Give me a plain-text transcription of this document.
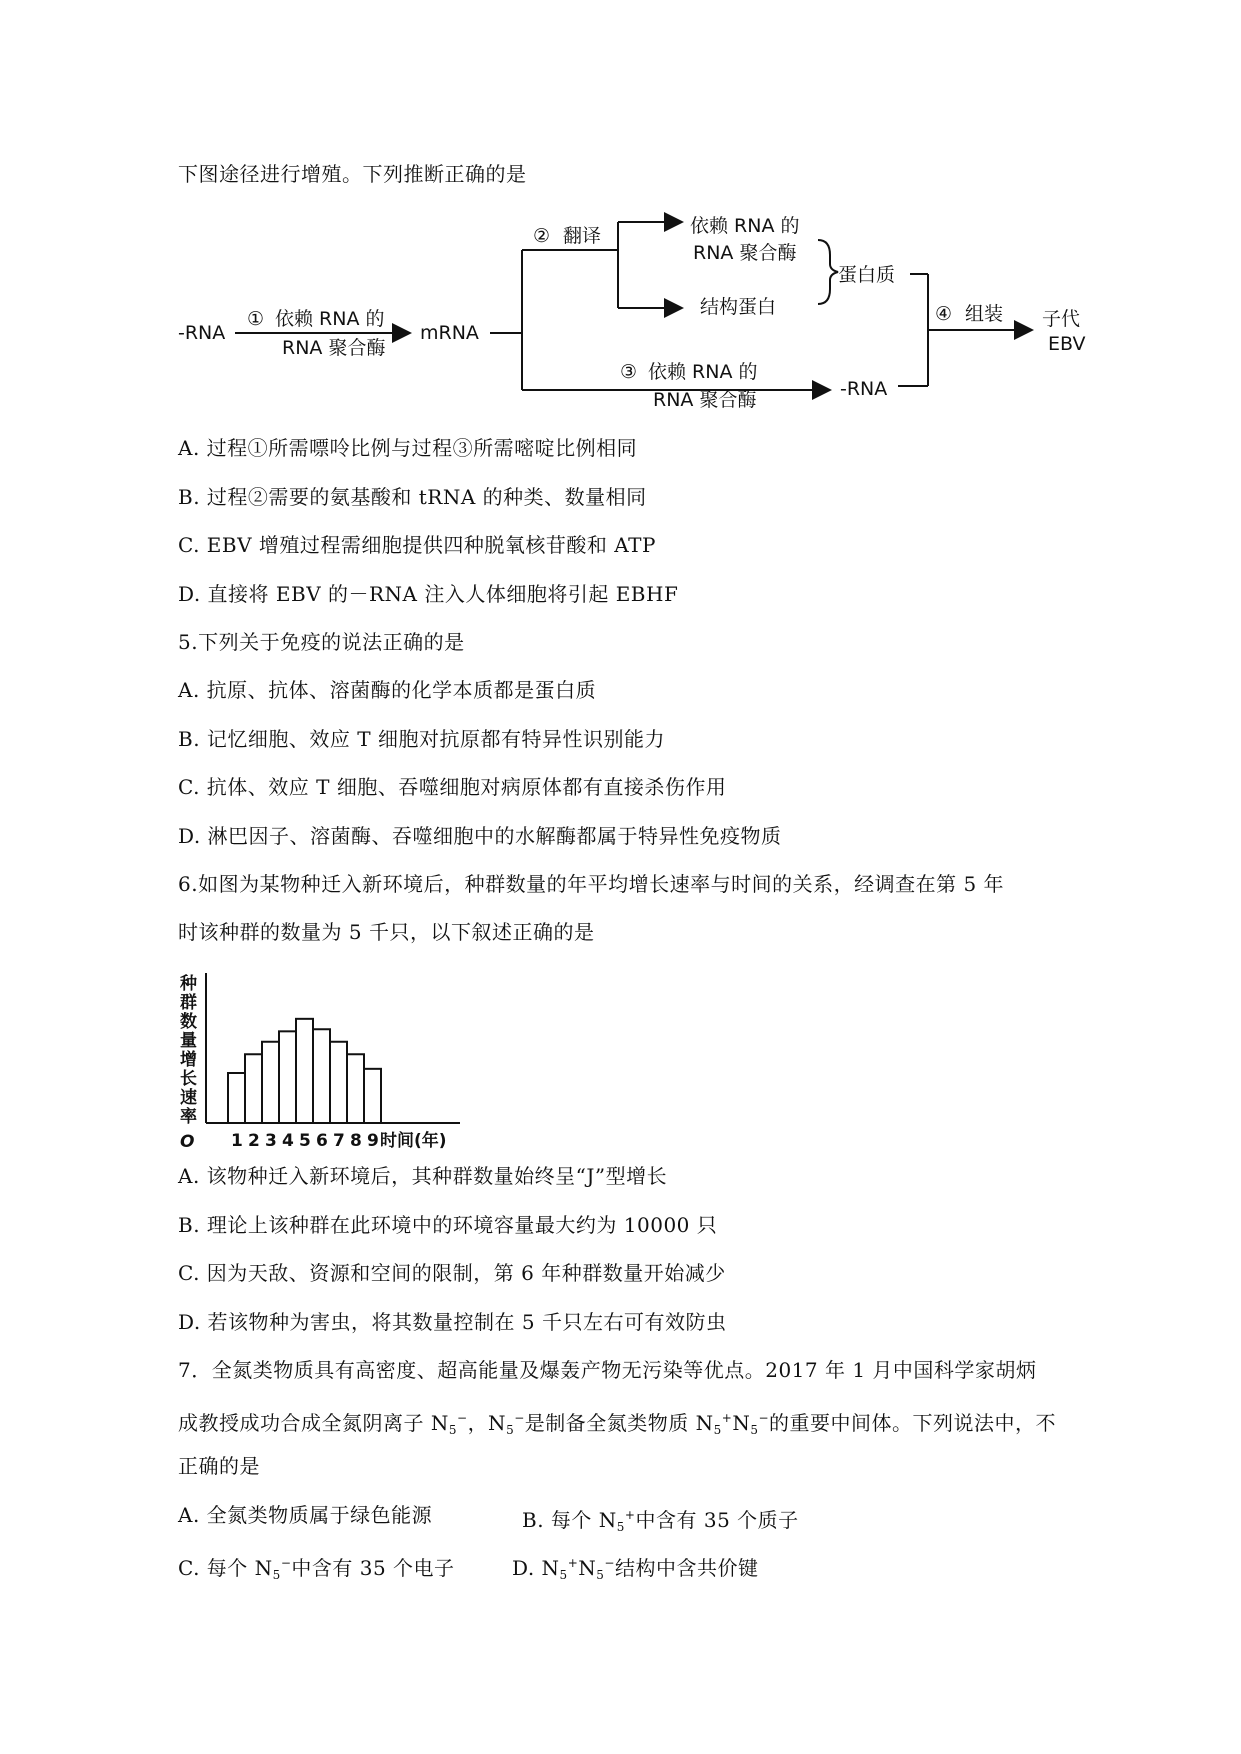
下图途径进行增殖。下列推断正确的是
-RNA
① 依赖 RNA 的
RNA 聚合酶
mRNA
② 翻译	依赖 RNA 的
RNA 聚合酶
结构蛋白
蛋白质
③ 依赖 RNA 的
RNA 聚合酶	-RNA
④ 组装 子代
EBV
A. 过程①所需嘌呤比例与过程③所需嘧啶比例相同
B. 过程②需要的氨基酸和 tRNA 的种类、数量相同
C. EBV 增殖过程需细胞提供四种脱氧核苷酸和 ATP
D. 直接将 EBV 的－RNA 注入人体细胞将引起 EBHF
5.下列关于免疫的说法正确的是
A. 抗原、抗体、溶菌酶的化学本质都是蛋白质
B. 记忆细胞、效应 T 细胞对抗原都有特异性识别能力
C. 抗体、效应 T 细胞、吞噬细胞对病原体都有直接杀伤作用
D. 淋巴因子、溶菌酶、吞噬细胞中的水解酶都属于特异性免疫物质
6.如图为某物种迁入新环境后，种群数量的年平均增长速率与时间的关系，经调查在第 5 年
时该种群的数量为 5 千只，以下叙述正确的是
种
群
数
量
增
长
速
率
O 1 2 3 4 5 6 7 8 9 时间(年)
A. 该物种迁入新环境后，其种群数量始终呈“J”型增长
B. 理论上该种群在此环境中的环境容量最大约为 10000 只
C. 因为天敌、资源和空间的限制，第 6 年种群数量开始减少
D. 若该物种为害虫，将其数量控制在 5 千只左右可有效防虫
7．全氮类物质具有高密度、超高能量及爆轰产物无污染等优点。2017 年 1 月中国科学家胡炳
成教授成功合成全氮阴离子 $N_5^-$，$N_5^-$是制备全氮类物质 $N_5^+N_5^-$的重要中间体。下列说法中，不
正确的是
A. 全氮类物质属于绿色能源	B. 每个 $N_5^+$中含有 35 个质子
C. 每个 $N_5^-$中含有 35 个电子	D. $N_5^+N_5^-$结构中含共价键
